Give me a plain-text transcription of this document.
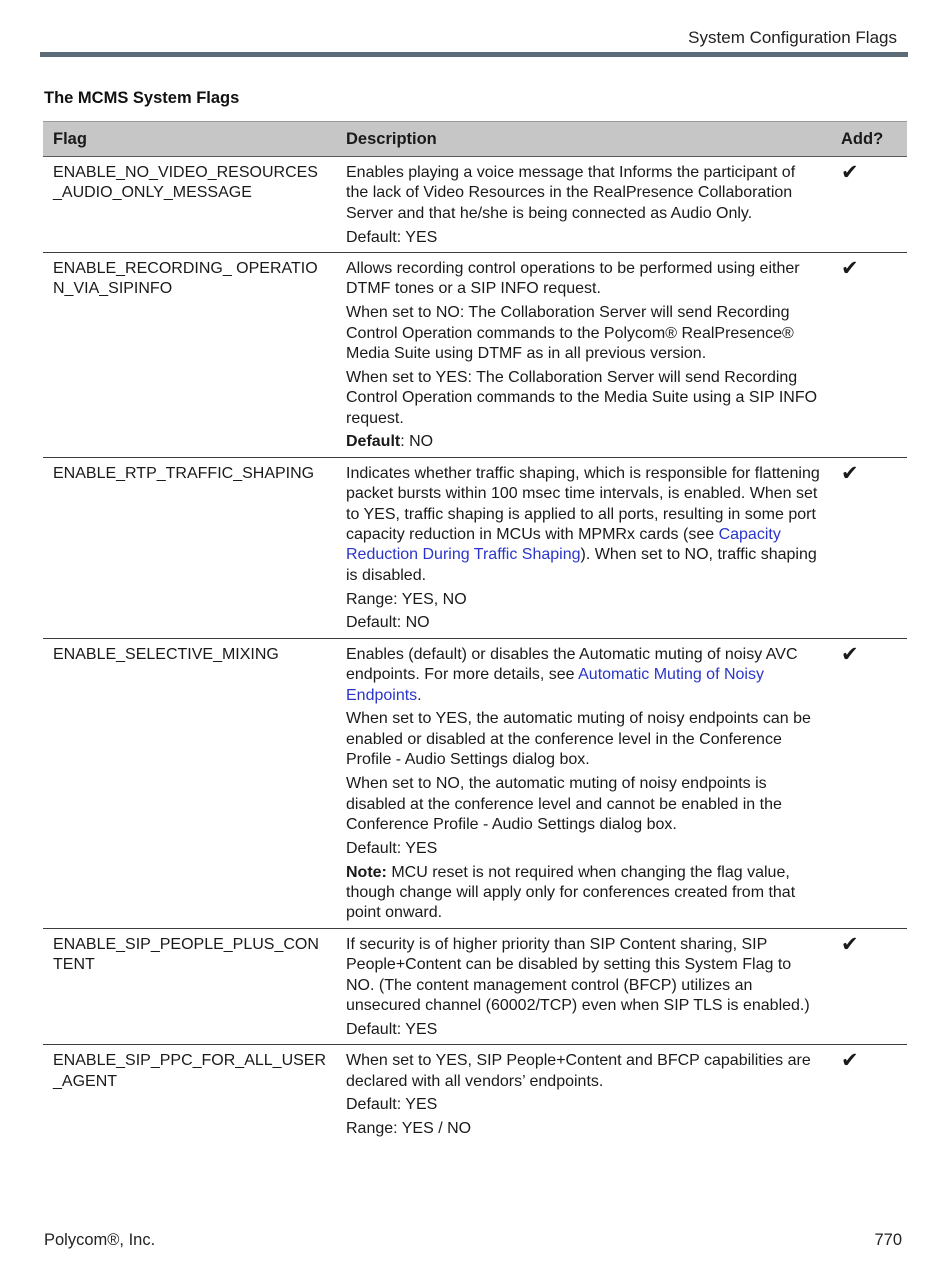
System Configuration Flags
The MCMS System Flags
Flag	Description	Add?
ENABLE_NO_VIDEO_RESOURCES_AUDIO_ONLY_MESSAGE	Enables playing a voice message that Informs the participant of the lack of Video Resources in the RealPresence Collaboration Server and that he/she is being connected as Audio Only.

Default: YES	✔
ENABLE_RECORDING_ OPERATION_VIA_SIPINFO	Allows recording control operations to be performed using either DTMF tones or a SIP INFO request.

When set to NO: The Collaboration Server will send Recording Control Operation commands to the Polycom® RealPresence® Media Suite using DTMF as in all previous version.

When set to YES: The Collaboration Server will send Recording Control Operation commands to the Media Suite using a SIP INFO request.

Default: NO	✔
ENABLE_RTP_TRAFFIC_SHAPING	Indicates whether traffic shaping, which is responsible for flattening packet bursts within 100 msec time intervals, is enabled. When set to YES, traffic shaping is applied to all ports, resulting in some port capacity reduction in MCUs with MPMRx cards (see Capacity Reduction During Traffic Shaping). When set to NO, traffic shaping is disabled.

Range: YES, NO

Default: NO	✔
ENABLE_SELECTIVE_MIXING	Enables (default) or disables the Automatic muting of noisy AVC endpoints. For more details, see Automatic Muting of Noisy Endpoints.

When set to YES, the automatic muting of noisy endpoints can be enabled or disabled at the conference level in the Conference Profile - Audio Settings dialog box.

When set to NO, the automatic muting of noisy endpoints is disabled at the conference level and cannot be enabled in the Conference Profile - Audio Settings dialog box.

Default: YES

Note: MCU reset is not required when changing the flag value, though change will apply only for conferences created from that point onward.	✔
ENABLE_SIP_PEOPLE_PLUS_CONTENT	If security is of higher priority than SIP Content sharing, SIP People+Content can be disabled by setting this System Flag to NO. (The content management control (BFCP) utilizes an unsecured channel (60002/TCP) even when SIP TLS is enabled.)

Default: YES	✔
ENABLE_SIP_PPC_FOR_ALL_USER_AGENT	When set to YES, SIP People+Content and BFCP capabilities are declared with all vendors’ endpoints.

Default: YES

Range: YES / NO	✔
Polycom®, Inc.	770
